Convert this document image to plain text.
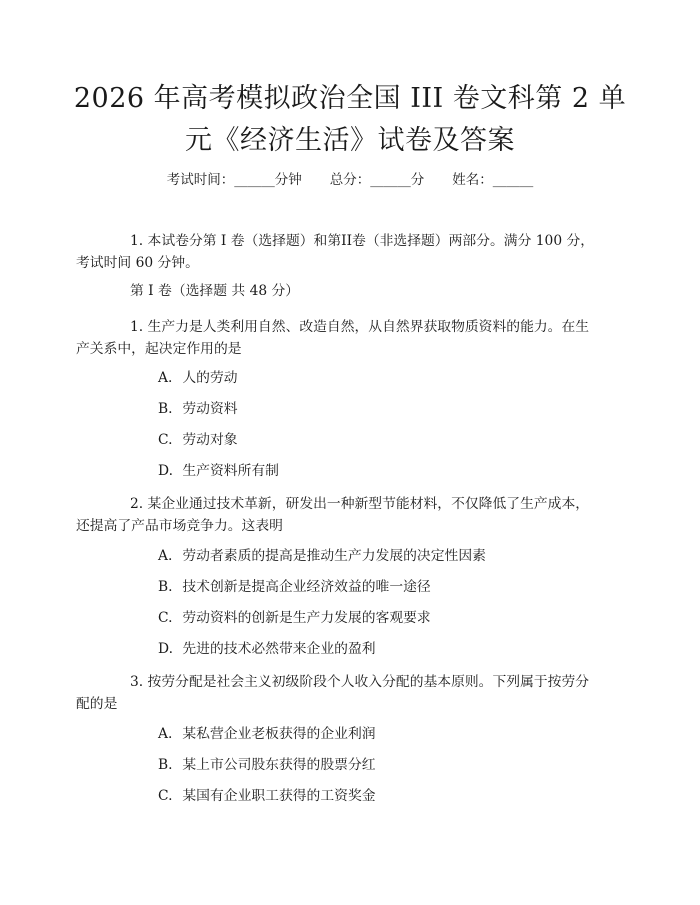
2026 年高考模拟政治全国 III 卷文科第 2 单
元《经济生活》试卷及答案
考试时间：______分钟 总分：______分 姓名：______
1. 本试卷分第 I 卷（选择题）和第II卷（非选择题）两部分。满分 100 分，
考试时间 60 分钟。
第 I 卷（选择题 共 48 分）
1. 生产力是人类利用自然、改造自然，从自然界获取物质资料的能力。在生
产关系中，起决定作用的是
A. 人的劳动
B. 劳动资料
C. 劳动对象
D. 生产资料所有制
2. 某企业通过技术革新，研发出一种新型节能材料，不仅降低了生产成本，
还提高了产品市场竞争力。这表明
A. 劳动者素质的提高是推动生产力发展的决定性因素
B. 技术创新是提高企业经济效益的唯一途径
C. 劳动资料的创新是生产力发展的客观要求
D. 先进的技术必然带来企业的盈利
3. 按劳分配是社会主义初级阶段个人收入分配的基本原则。下列属于按劳分
配的是
A. 某私营企业老板获得的企业利润
B. 某上市公司股东获得的股票分红
C. 某国有企业职工获得的工资奖金
